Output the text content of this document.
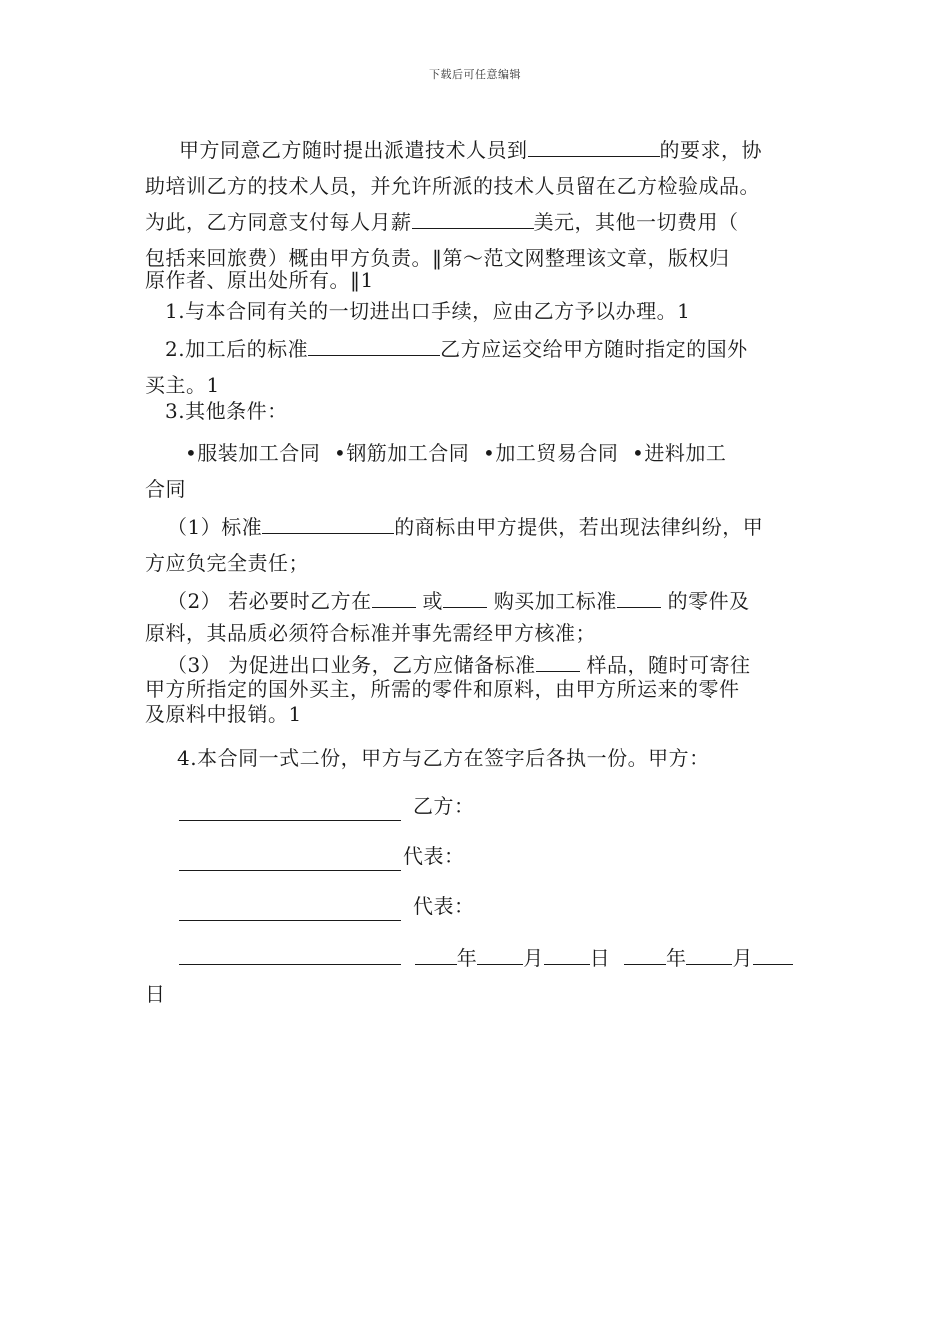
下载后可任意编辑
甲方同意乙方随时提出派遣技术人员到	的要求，协
助培训乙方的技术人员，并允许所派的技术人员留在乙方检验成品。
为此，乙方同意支付每人月薪	美元，其他一切费用（
包括来回旅费）概由甲方负责。‖第～范文网整理该文章，版权归
原作者、原出处所有。‖1
1.与本合同有关的一切进出口手续，应由乙方予以办理。1
2.加工后的标准	乙方应运交给甲方随时指定的国外
买主。1
3.其他条件：
•服装加工合同 •钢筋加工合同 •加工贸易合同 •进料加工
合同
（1）标准	的商标由甲方提供，若出现法律纠纷，甲
方应负完全责任；
（2） 若必要时乙方在	或	购买加工标准	的零件及
原料，其品质必须符合标准并事先需经甲方核准；
（3） 为促进出口业务，乙方应储备标准	样品，随时可寄往
甲方所指定的国外买主，所需的零件和原料，由甲方所运来的零件
及原料中报销。1
4.本合同一式二份，甲方与乙方在签字后各执一份。甲方：
乙方：
代表：
代表：
年 月 日	年 月
日
